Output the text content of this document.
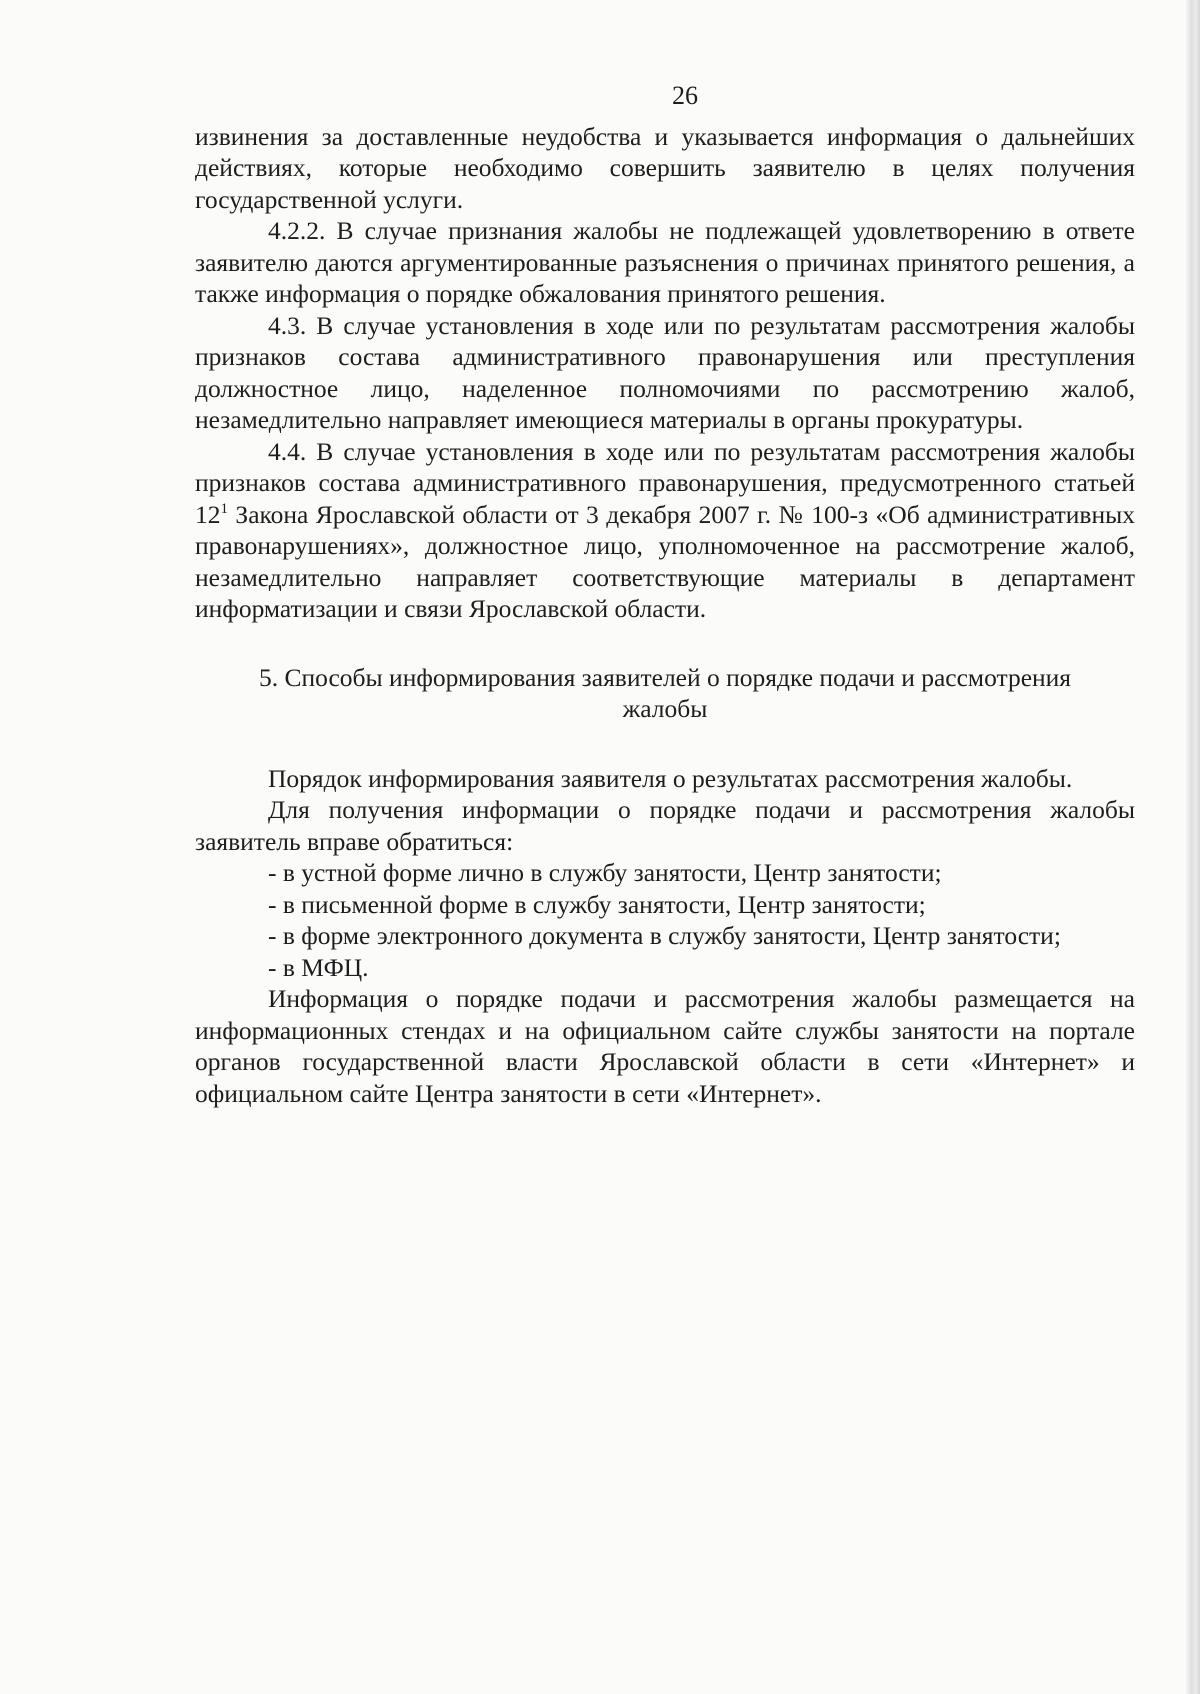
26

извинения за доставленные неудобства и указывается информация о дальнейших действиях, которые необходимо совершить заявителю в целях получения государственной услуги.

4.2.2. В случае признания жалобы не подлежащей удовлетворению в ответе заявителю даются аргументированные разъяснения о причинах принятого решения, а также информация о порядке обжалования принятого решения.

4.3. В случае установления в ходе или по результатам рассмотрения жалобы признаков состава административного правонарушения или преступления должностное лицо, наделенное полномочиями по рассмотрению жалоб, незамедлительно направляет имеющиеся материалы в органы прокуратуры.

4.4. В случае установления в ходе или по результатам рассмотрения жалобы признаков состава административного правонарушения, предусмотренного статьей $12^1$ Закона Ярославской области от 3 декабря 2007 г. № 100-з «Об административных правонарушениях», должностное лицо, уполномоченное на рассмотрение жалоб, незамедлительно направляет соответствующие материалы в департамент информатизации и связи Ярославской области.

5. Способы информирования заявителей о порядке подачи и рассмотрения
жалобы

Порядок информирования заявителя о результатах рассмотрения жалобы.

Для получения информации о порядке подачи и рассмотрения жалобы заявитель вправе обратиться:

- в устной форме лично в службу занятости, Центр занятости;

- в письменной форме в службу занятости, Центр занятости;

- в форме электронного документа в службу занятости, Центр занятости;

- в МФЦ.

Информация о порядке подачи и рассмотрения жалобы размещается на информационных стендах и на официальном сайте службы занятости на портале органов государственной власти Ярославской области в сети «Интернет» и официальном сайте Центра занятости в сети «Интернет».
